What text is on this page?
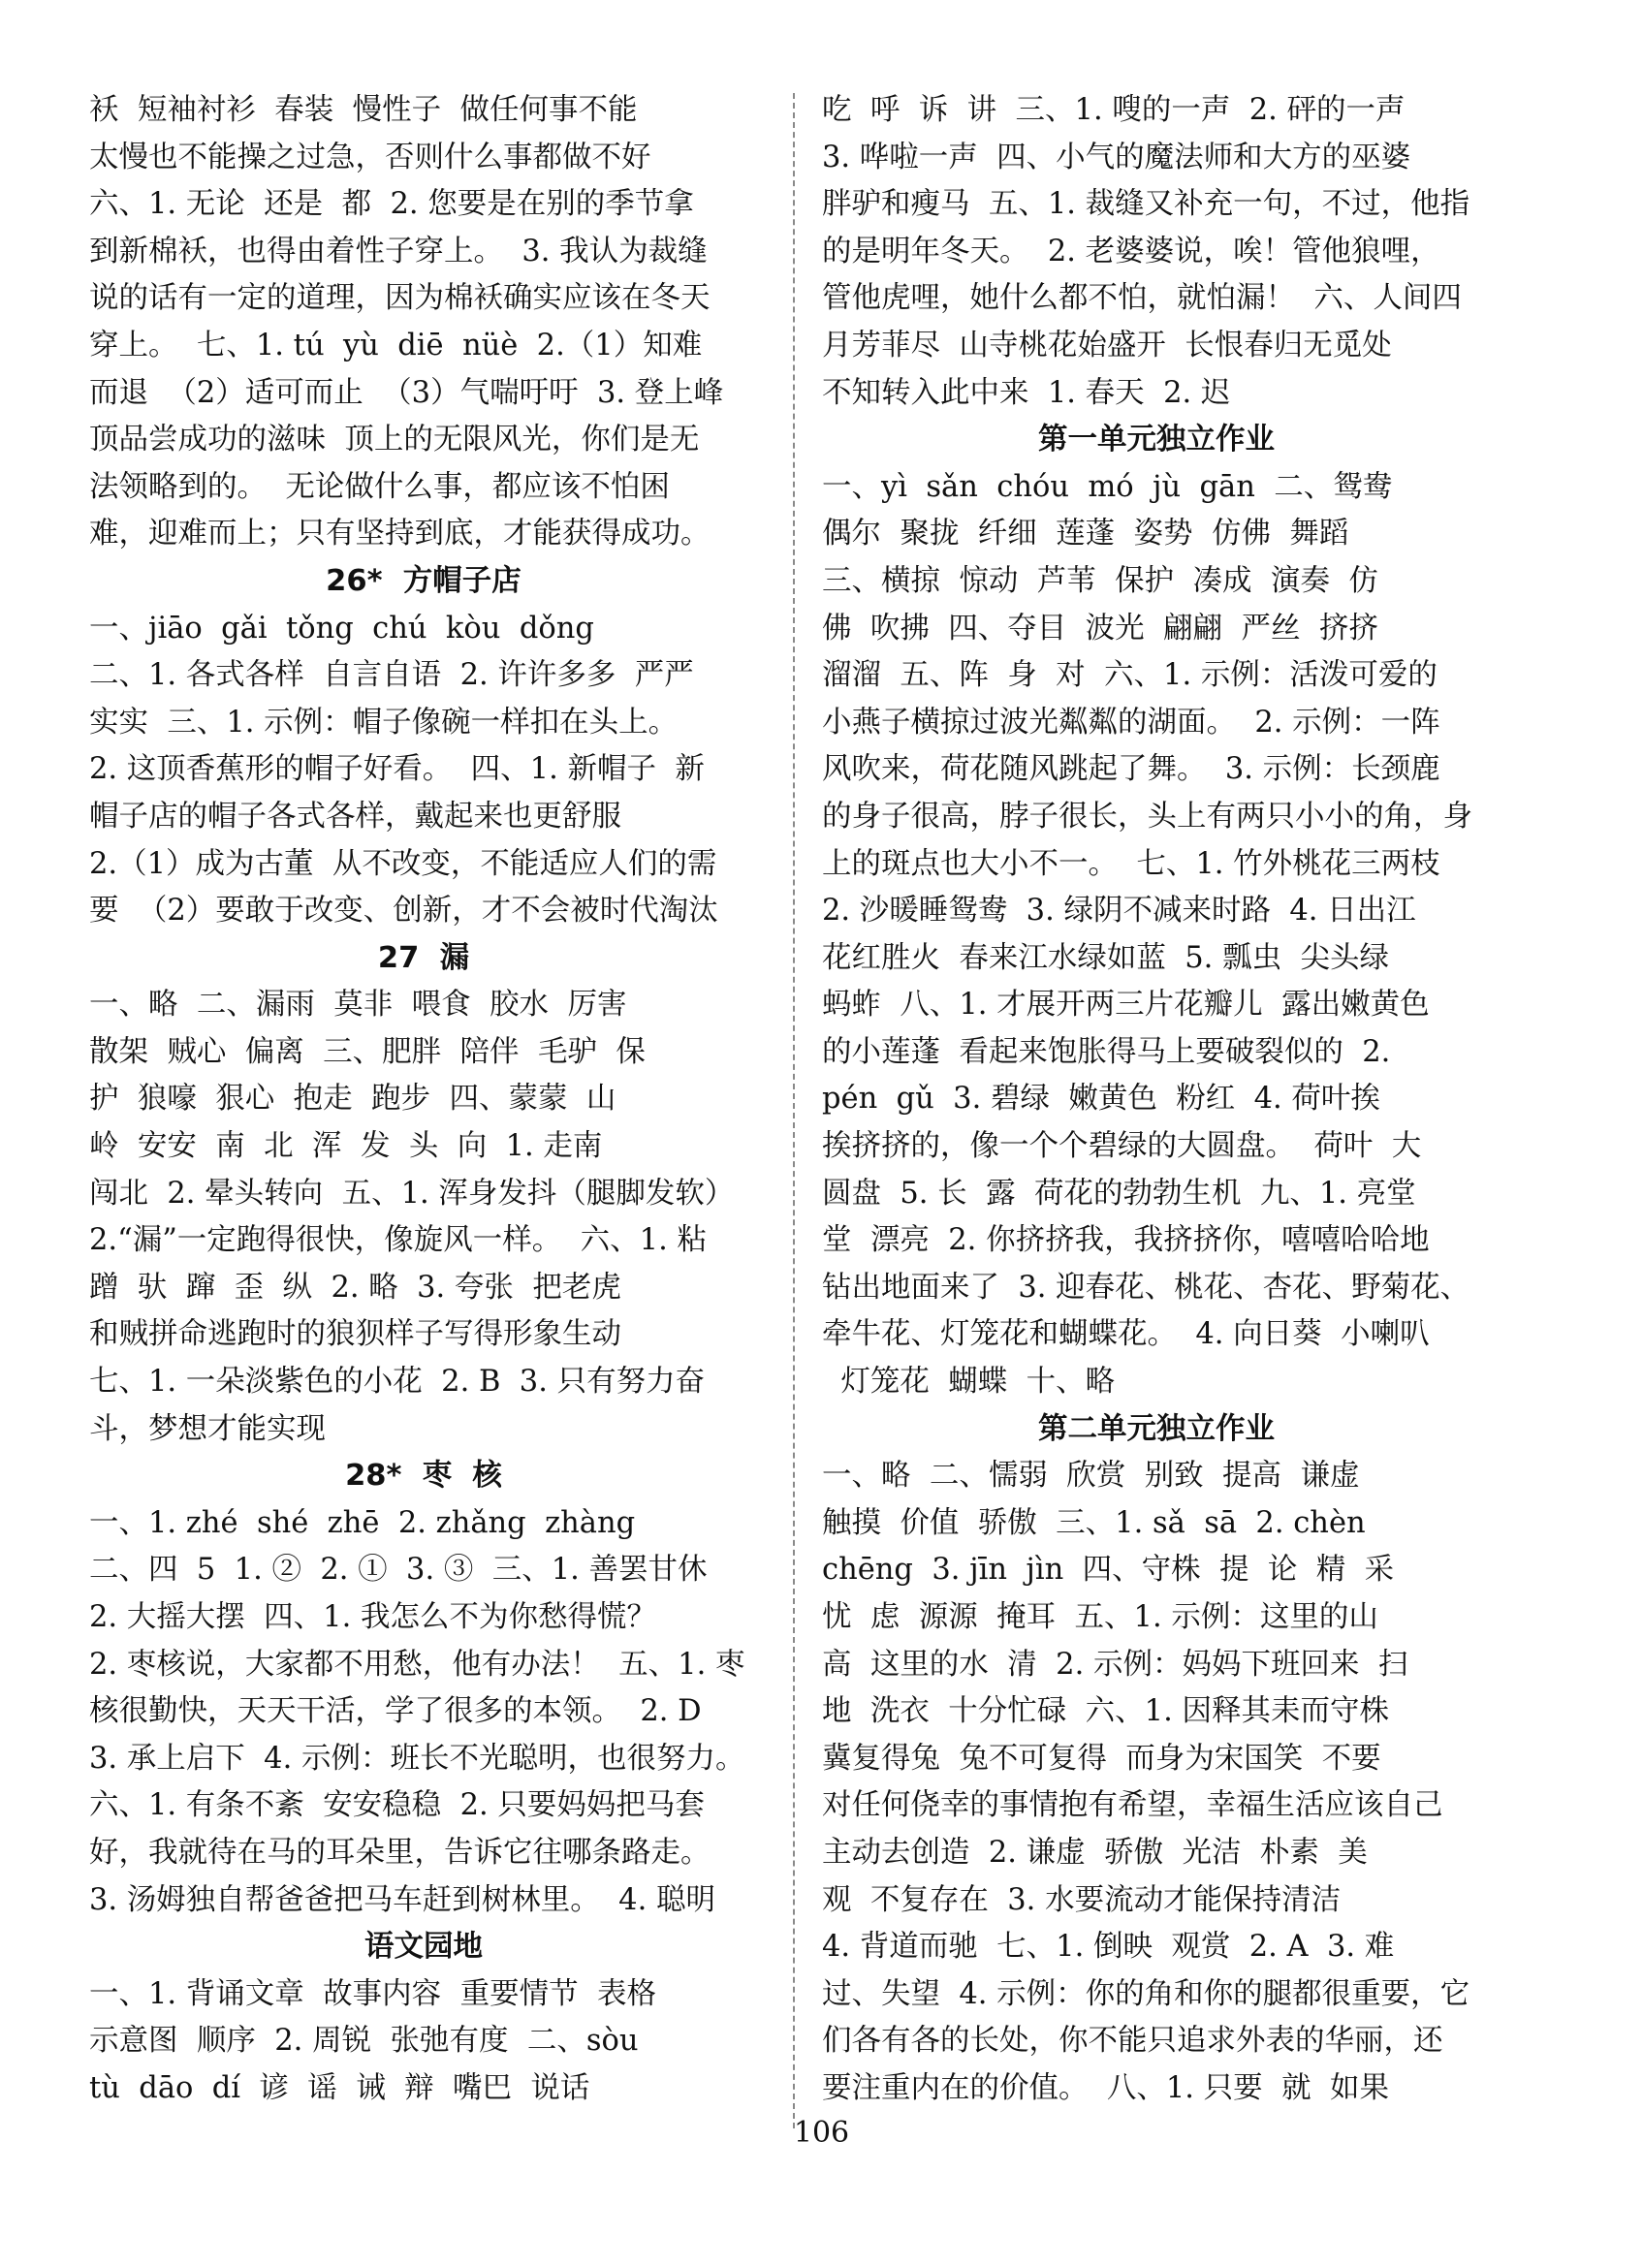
袄  短袖衬衫  春装  慢性子  做任何事不能
太慢也不能操之过急，否则什么事都做不好
六、1. 无论  还是  都  2. 您要是在别的季节拿
到新棉袄，也得由着性子穿上。  3. 我认为裁缝
说的话有一定的道理，因为棉袄确实应该在冬天
穿上。  七、1. tú  yù  diē  nüè  2.（1）知难
而退  （2）适可而止  （3）气喘吁吁  3. 登上峰
顶品尝成功的滋味  顶上的无限风光，你们是无
法领略到的。  无论做什么事，都应该不怕困
难，迎难而上；只有坚持到底，才能获得成功。
26*  方帽子店
一、jiāo  gǎi  tǒng  chú  kòu  dǒng
二、1. 各式各样  自言自语  2. 许许多多  严严
实实  三、1. 示例：帽子像碗一样扣在头上。
2. 这顶香蕉形的帽子好看。  四、1. 新帽子  新
帽子店的帽子各式各样，戴起来也更舒服
2.（1）成为古董  从不改变，不能适应人们的需
要  （2）要敢于改变、创新，才不会被时代淘汰
27  漏
一、略  二、漏雨  莫非  喂食  胶水  厉害
散架  贼心  偏离  三、肥胖  陪伴  毛驴  保
护  狼嚎  狠心  抱走  跑步  四、蒙蒙  山
岭  安安  南  北  浑  发  头  向  1. 走南
闯北  2. 晕头转向  五、1. 浑身发抖（腿脚发软）
2.“漏”一定跑得很快，像旋风一样。  六、1. 粘
蹭  驮  蹿  歪  纵  2. 略  3. 夸张  把老虎
和贼拼命逃跑时的狼狈样子写得形象生动
七、1. 一朵淡紫色的小花  2. B  3. 只有努力奋
斗，梦想才能实现
28*  枣  核
一、1. zhé  shé  zhē  2. zhǎng  zhàng
二、四  5  1. ②  2. ①  3. ③  三、1. 善罢甘休
2. 大摇大摆  四、1. 我怎么不为你愁得慌？
2. 枣核说，大家都不用愁，他有办法！  五、1. 枣
核很勤快，天天干活，学了很多的本领。  2. D
3. 承上启下  4. 示例：班长不光聪明，也很努力。
六、1. 有条不紊  安安稳稳  2. 只要妈妈把马套
好，我就待在马的耳朵里，告诉它往哪条路走。
3. 汤姆独自帮爸爸把马车赶到树林里。  4. 聪明
语文园地
一、1. 背诵文章  故事内容  重要情节  表格
示意图  顺序  2. 周锐  张弛有度  二、sòu
tù  dāo  dí  谚  谣  诫  辩  嘴巴  说话
吃  呼  诉  讲  三、1. 嗖的一声  2. 砰的一声
3. 哗啦一声  四、小气的魔法师和大方的巫婆
胖驴和瘦马  五、1. 裁缝又补充一句，不过，他指
的是明年冬天。  2. 老婆婆说，唉！管他狼哩，
管他虎哩，她什么都不怕，就怕漏！  六、人间四
月芳菲尽  山寺桃花始盛开  长恨春归无觅处
不知转入此中来  1. 春天  2. 迟
第一单元独立作业
一、yì  sǎn  chóu  mó  jù  gān  二、鸳鸯
偶尔  聚拢  纤细  莲蓬  姿势  仿佛  舞蹈
三、横掠  惊动  芦苇  保护  凑成  演奏  仿
佛  吹拂  四、夺目  波光  翩翩  严丝  挤挤
溜溜  五、阵  身  对  六、1. 示例：活泼可爱的
小燕子横掠过波光粼粼的湖面。  2. 示例：一阵
风吹来，荷花随风跳起了舞。  3. 示例：长颈鹿
的身子很高，脖子很长，头上有两只小小的角，身
上的斑点也大小不一。  七、1. 竹外桃花三两枝
2. 沙暖睡鸳鸯  3. 绿阴不减来时路  4. 日出江
花红胜火  春来江水绿如蓝  5. 瓢虫  尖头绿
蚂蚱  八、1. 才展开两三片花瓣儿  露出嫩黄色
的小莲蓬  看起来饱胀得马上要破裂似的  2.
pén  gǔ  3. 碧绿  嫩黄色  粉红  4. 荷叶挨
挨挤挤的，像一个个碧绿的大圆盘。  荷叶  大
圆盘  5. 长  露  荷花的勃勃生机  九、1. 亮堂
堂  漂亮  2. 你挤挤我，我挤挤你，嘻嘻哈哈地
钻出地面来了  3. 迎春花、桃花、杏花、野菊花、
牵牛花、灯笼花和蝴蝶花。  4. 向日葵  小喇叭
灯笼花  蝴蝶  十、略
第二单元独立作业
一、略  二、懦弱  欣赏  别致  提高  谦虚
触摸  价值  骄傲  三、1. sǎ  sā  2. chèn
chēng  3. jīn  jìn  四、守株  提  论  精  采
忧  虑  源源  掩耳  五、1. 示例：这里的山
高  这里的水  清  2. 示例：妈妈下班回来  扫
地  洗衣  十分忙碌  六、1. 因释其耒而守株
冀复得兔  兔不可复得  而身为宋国笑  不要
对任何侥幸的事情抱有希望，幸福生活应该自己
主动去创造  2. 谦虚  骄傲  光洁  朴素  美
观  不复存在  3. 水要流动才能保持清洁
4. 背道而驰  七、1. 倒映  观赏  2. A  3. 难
过、失望  4. 示例：你的角和你的腿都很重要，它
们各有各的长处，你不能只追求外表的华丽，还
要注重内在的价值。  八、1. 只要  就  如果
106
